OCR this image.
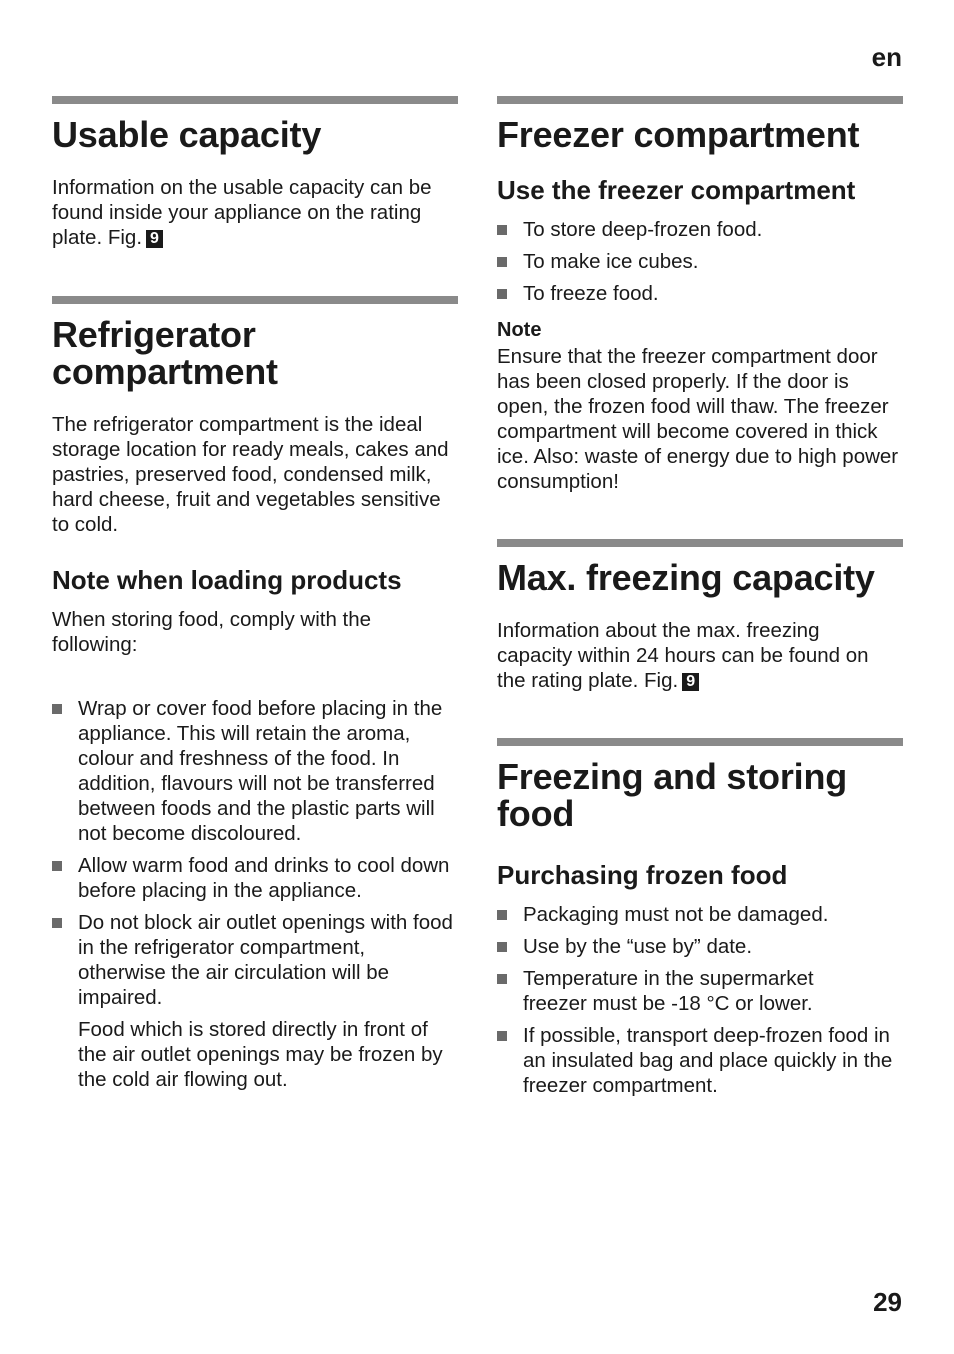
en
Usable capacity

Information on the usable capacity can be found inside your appliance on the rating plate. Fig. 9

Refrigerator compartment

The refrigerator compartment is the ideal storage location for ready meals, cakes and pastries, preserved food, condensed milk, hard cheese, fruit and vegetables sensitive to cold.

Note when loading products

When storing food, comply with the following:

Wrap or cover food before placing in the appliance. This will retain the aroma, colour and freshness of the food. In addition, flavours will not be transferred between foods and the plastic parts will not become discoloured.
Allow warm food and drinks to cool down before placing in the appliance.
Do not block air outlet openings with food in the refrigerator compartment, otherwise the air circulation will be impaired.

Food which is stored directly in front of the air outlet openings may be frozen by the cold air flowing out.

Freezer compartment
Use the freezer compartment
To store deep-frozen food.
To make ice cubes.
To freeze food.
Note

Ensure that the freezer compartment door has been closed properly. If the door is open, the frozen food will thaw. The freezer compartment will become covered in thick ice. Also: waste of energy due to high power consumption!

Max. freezing capacity

Information about the max. freezing capacity within 24 hours can be found on the rating plate. Fig. 9

Freezing and storing food
Purchasing frozen food
Packaging must not be damaged.
Use by the “use by” date.
Temperature in the supermarket freezer must be -18 °C or lower.
If possible, transport deep-frozen food in an insulated bag and place quickly in the freezer compartment.
29
